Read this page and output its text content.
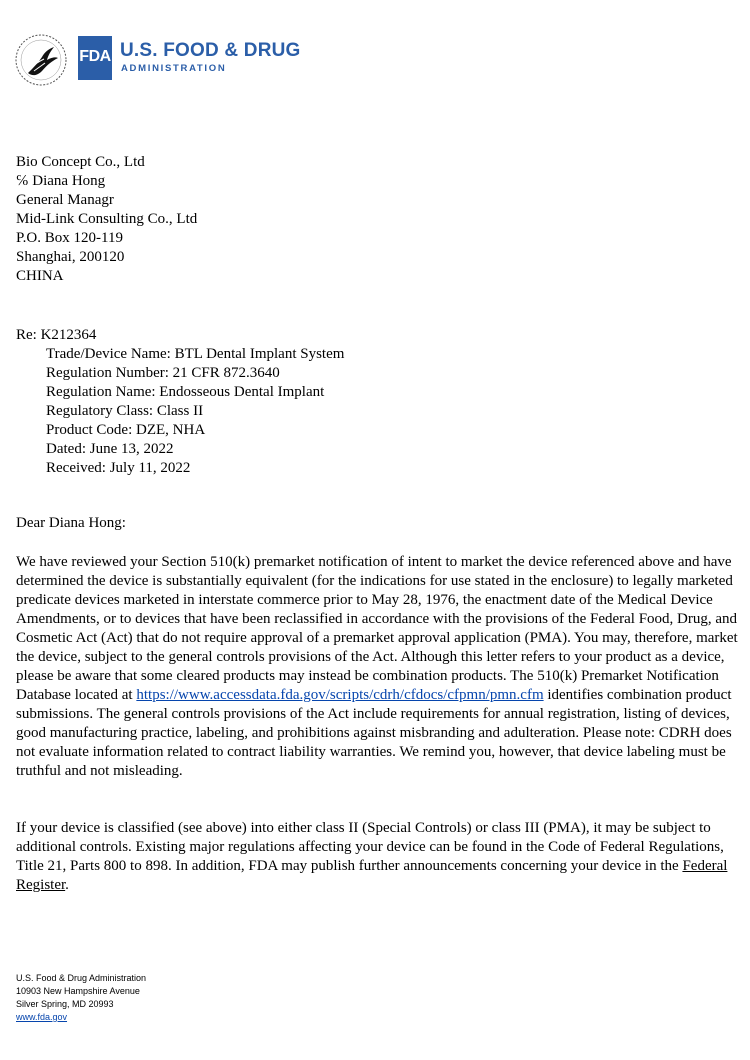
FDA U.S. FOOD & DRUG
ADMINISTRATION
Bio Concept Co., Ltd
℅ Diana Hong
General Managr
Mid-Link Consulting Co., Ltd
P.O. Box 120-119
Shanghai, 200120
CHINA
Re: K212364
Trade/Device Name: BTL Dental Implant System
Regulation Number: 21 CFR 872.3640
Regulation Name: Endosseous Dental Implant
Regulatory Class: Class II
Product Code: DZE, NHA
Dated: June 13, 2022
Received: July 11, 2022
Dear Diana Hong:
We have reviewed your Section 510(k) premarket notification of intent to market the device referenced above and have determined the device is substantially equivalent (for the indications for use stated in the enclosure) to legally marketed predicate devices marketed in interstate commerce prior to May 28, 1976, the enactment date of the Medical Device Amendments, or to devices that have been reclassified in accordance with the provisions of the Federal Food, Drug, and Cosmetic Act (Act) that do not require approval of a premarket approval application (PMA). You may, therefore, market the device, subject to the general controls provisions of the Act. Although this letter refers to your product as a device, please be aware that some cleared products may instead be combination products. The 510(k) Premarket Notification Database located at https://www.accessdata.fda.gov/scripts/cdrh/cfdocs/cfpmn/pmn.cfm identifies combination product submissions. The general controls provisions of the Act include requirements for annual registration, listing of devices, good manufacturing practice, labeling, and prohibitions against misbranding and adulteration. Please note: CDRH does not evaluate information related to contract liability warranties. We remind you, however, that device labeling must be truthful and not misleading.
If your device is classified (see above) into either class II (Special Controls) or class III (PMA), it may be subject to additional controls. Existing major regulations affecting your device can be found in the Code of Federal Regulations, Title 21, Parts 800 to 898. In addition, FDA may publish further announcements concerning your device in the Federal Register.
U.S. Food & Drug Administration
10903 New Hampshire Avenue
Silver Spring, MD 20993
www.fda.gov
